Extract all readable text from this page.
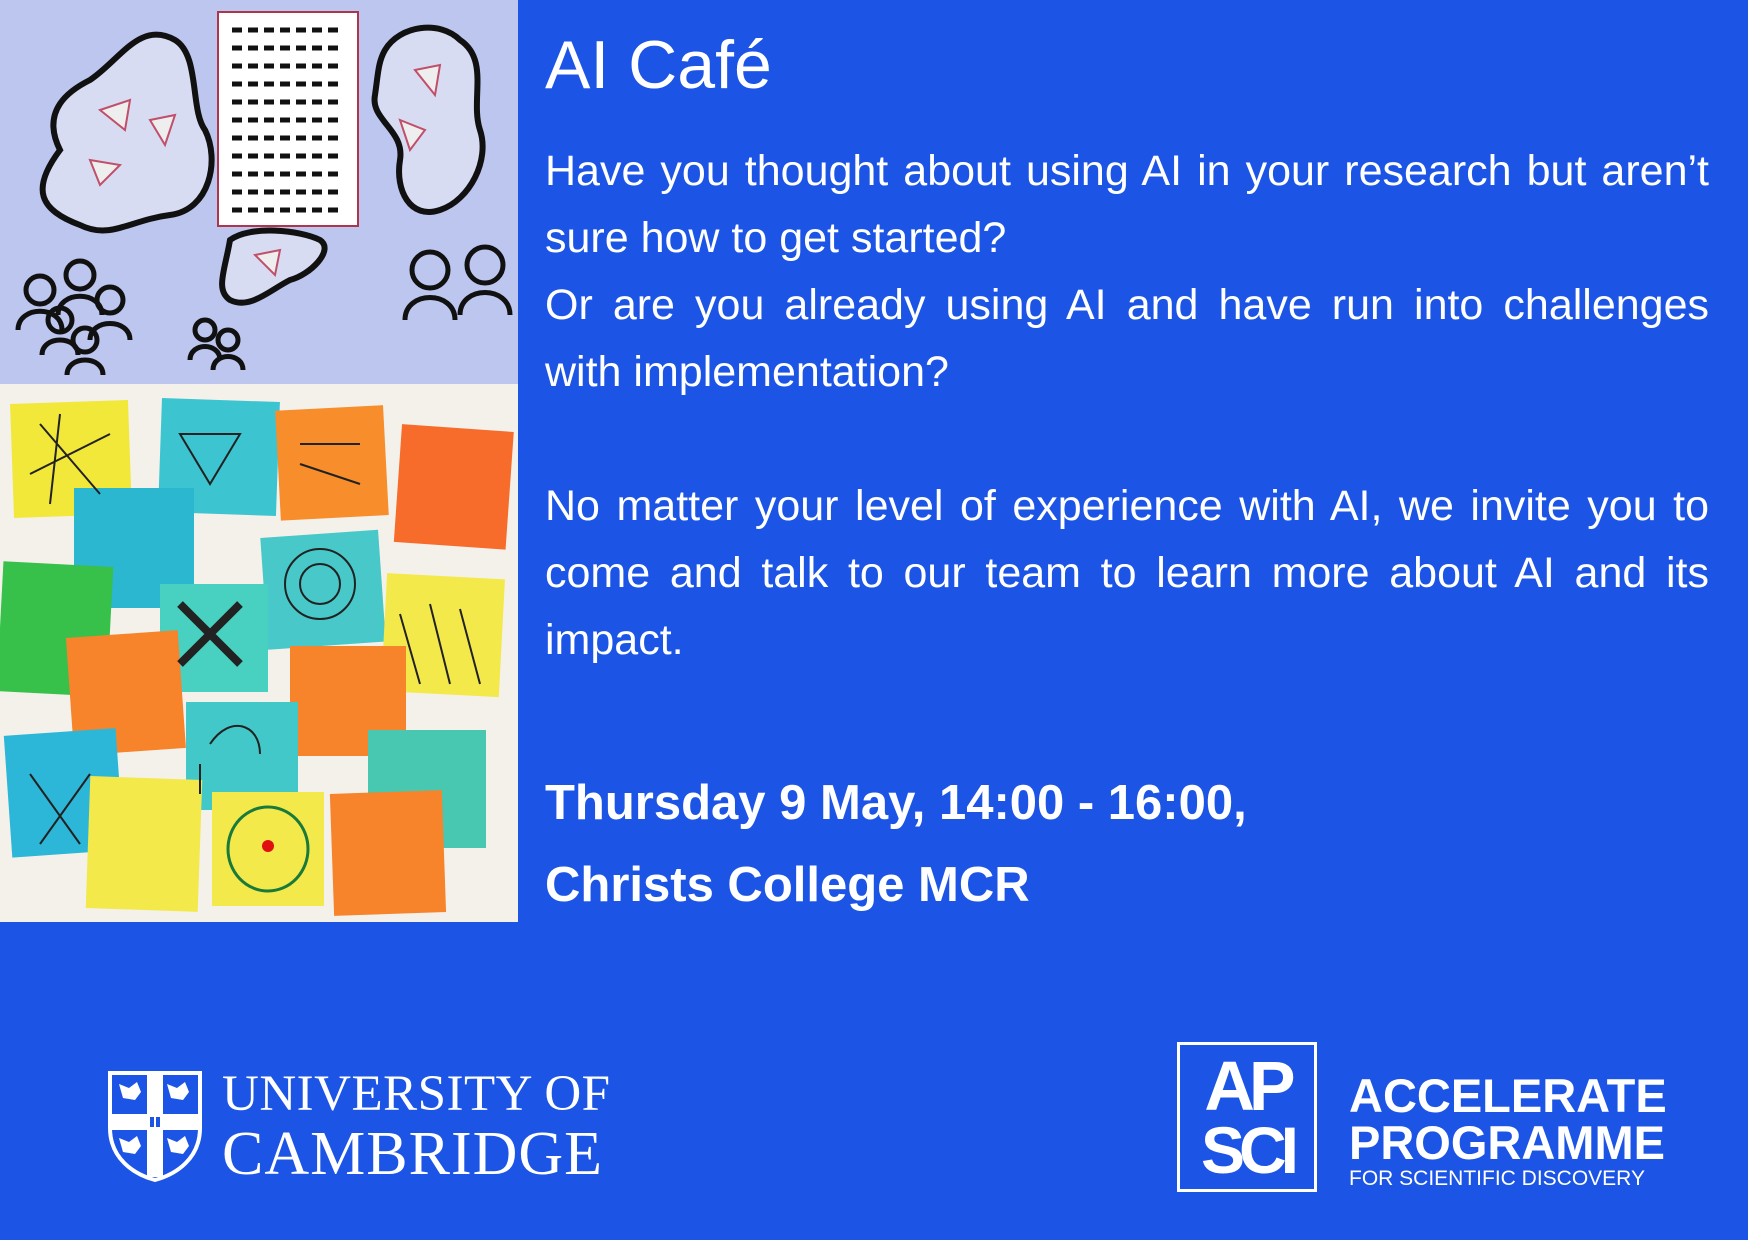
AI Café

Have you thought about using AI in your research but aren’t sure how to get started?

Or are you already using AI and have run into challenges with implementation?

No matter your level of experience with AI, we invite you to come and talk to our team to learn more about AI and its impact.

Thursday 9 May, 14:00 - 16:00,
Christs College MCR
UNIVERSITY OF
CAMBRIDGE
AP
SCI
ACCELERATE
PROGRAMME
FOR SCIENTIFIC DISCOVERY
